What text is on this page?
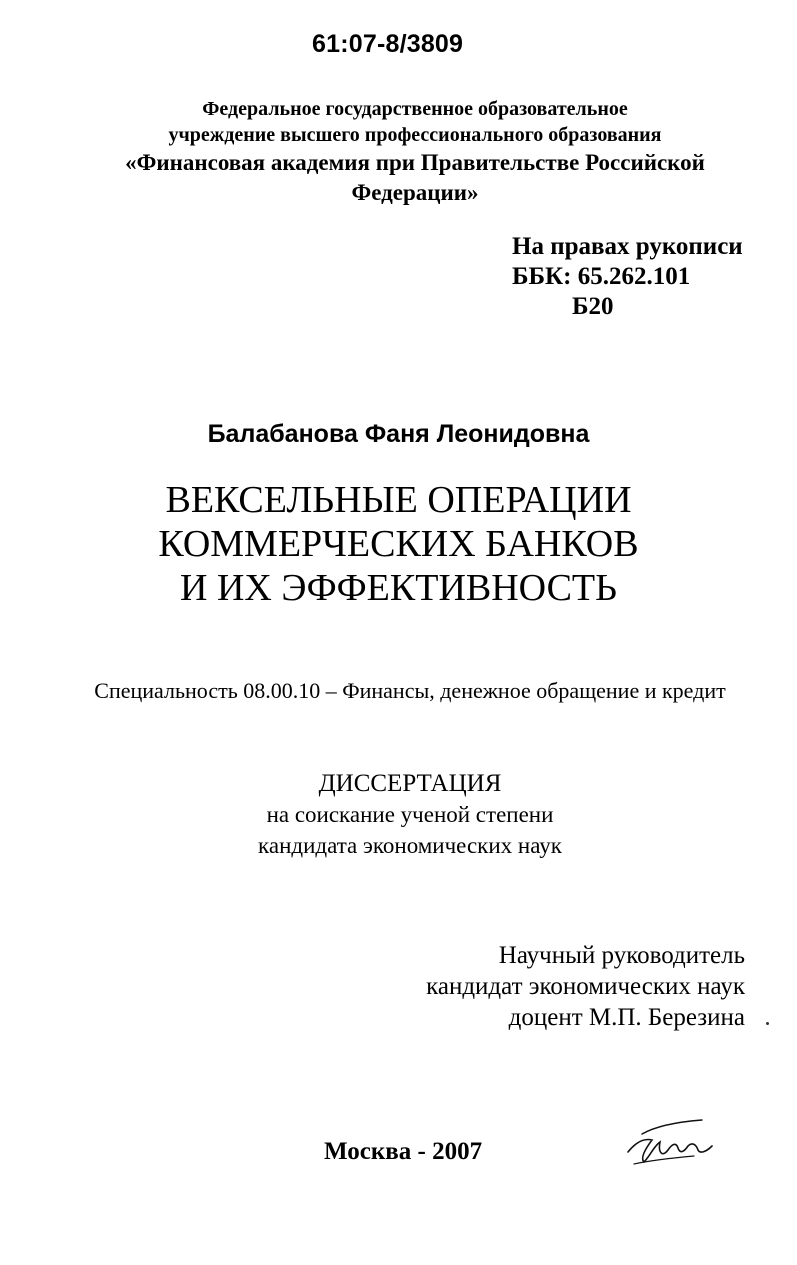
61:07-8/3809
Федеральное государственное образовательное
учреждение высшего профессионального образования
«Финансовая академия при Правительстве Российской
Федерации»
На правах рукописи
ББК: 65.262.101
Б20
Балабанова Фаня Леонидовна
ВЕКСЕЛЬНЫЕ ОПЕРАЦИИ
КОММЕРЧЕСКИХ БАНКОВ
И ИХ ЭФФЕКТИВНОСТЬ
Специальность 08.00.10 – Финансы, денежное обращение и кредит
ДИССЕРТАЦИЯ
на соискание ученой степени
кандидата экономических наук
Научный руководитель
кандидат экономических наук
доцент М.П. Березина
Москва - 2007
